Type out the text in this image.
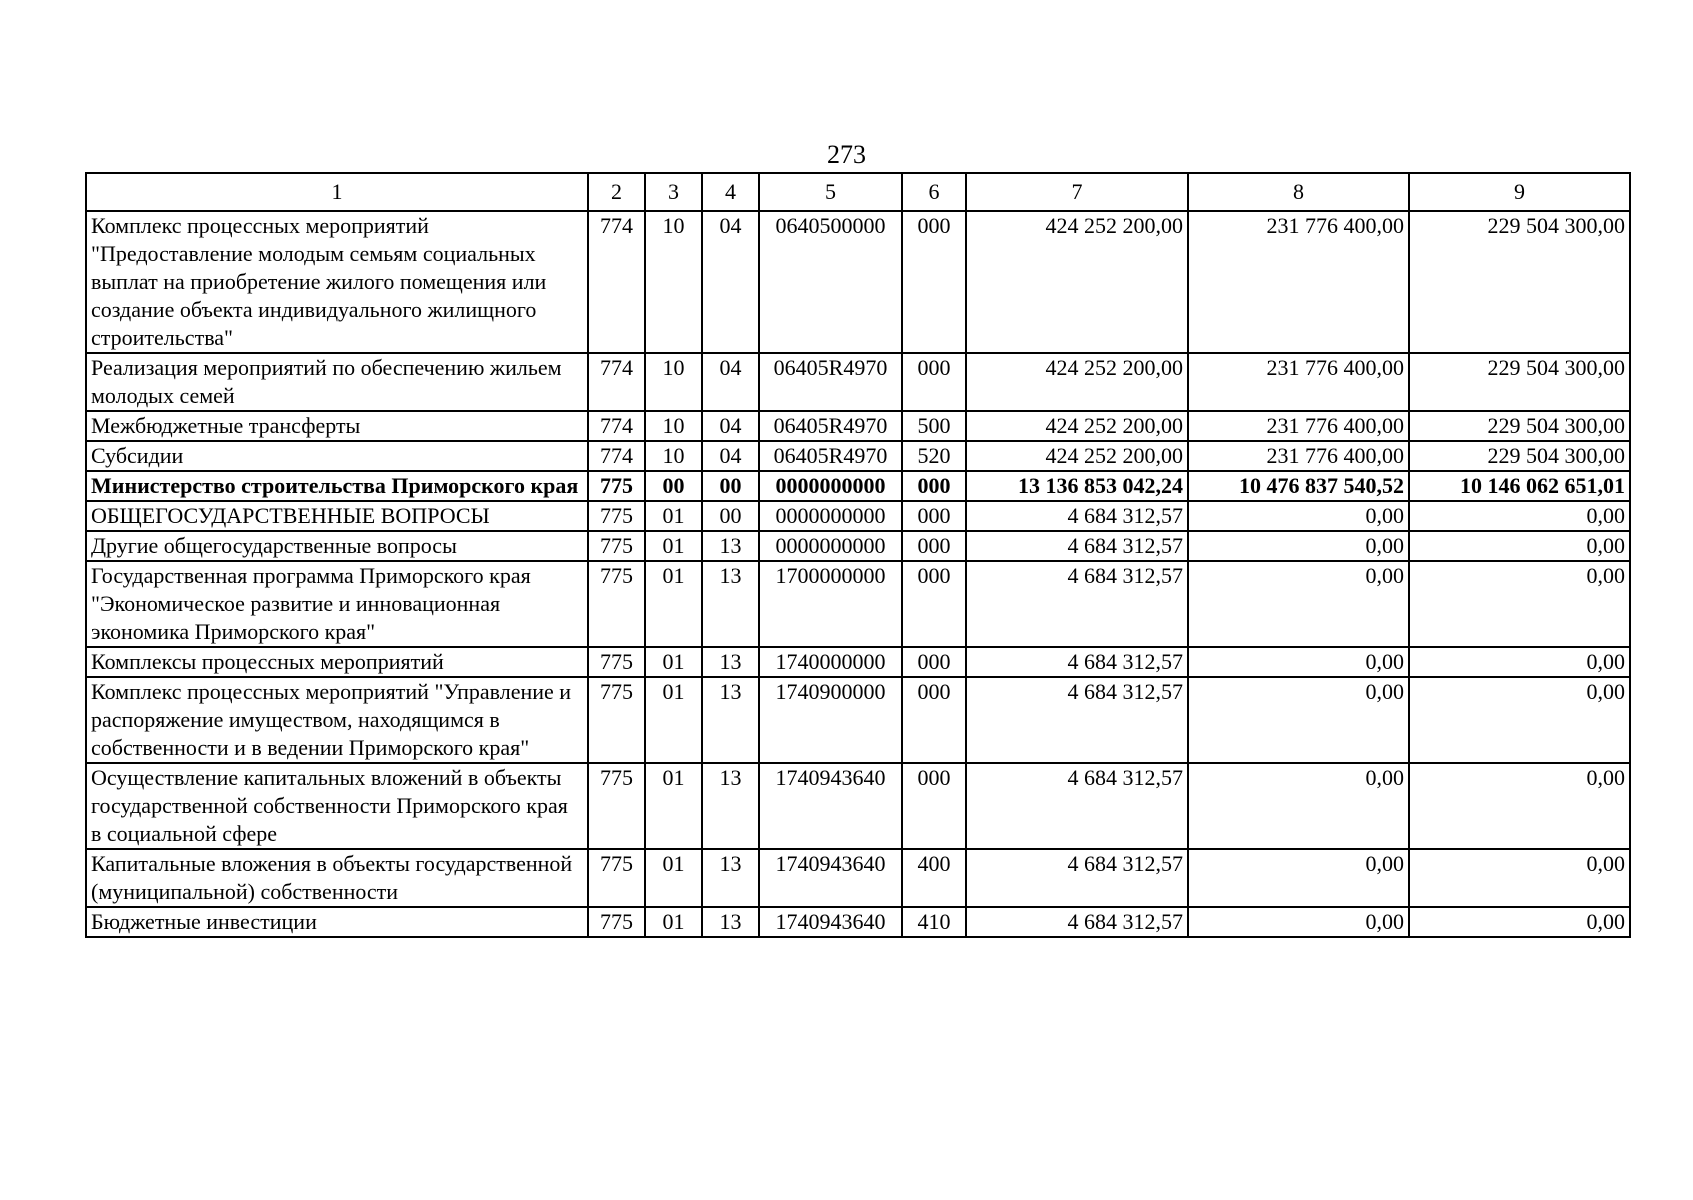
273
1	2	3	4	5	6	7	8	9
Комплекс процессных мероприятий "Предоставление молодым семьям социальных выплат на приобретение жилого помещения или создание объекта индивидуального жилищного строительства"	774	10	04	0640500000	000	424 252 200,00	231 776 400,00	229 504 300,00
Реализация мероприятий по обеспечению жильем молодых семей	774	10	04	06405R4970	000	424 252 200,00	231 776 400,00	229 504 300,00
Межбюджетные трансферты	774	10	04	06405R4970	500	424 252 200,00	231 776 400,00	229 504 300,00
Субсидии	774	10	04	06405R4970	520	424 252 200,00	231 776 400,00	229 504 300,00
Министерство строительства Приморского края	775	00	00	0000000000	000	13 136 853 042,24	10 476 837 540,52	10 146 062 651,01
ОБЩЕГОСУДАРСТВЕННЫЕ ВОПРОСЫ	775	01	00	0000000000	000	4 684 312,57	0,00	0,00
Другие общегосударственные вопросы	775	01	13	0000000000	000	4 684 312,57	0,00	0,00
Государственная программа Приморского края "Экономическое развитие и инновационная экономика Приморского края"	775	01	13	1700000000	000	4 684 312,57	0,00	0,00
Комплексы процессных мероприятий	775	01	13	1740000000	000	4 684 312,57	0,00	0,00
Комплекс процессных мероприятий "Управление и распоряжение имуществом, находящимся в собственности и в ведении Приморского края"	775	01	13	1740900000	000	4 684 312,57	0,00	0,00
Осуществление капитальных вложений в объекты государственной собственности Приморского края в социальной сфере	775	01	13	1740943640	000	4 684 312,57	0,00	0,00
Капитальные вложения в объекты государственной (муниципальной) собственности	775	01	13	1740943640	400	4 684 312,57	0,00	0,00
Бюджетные инвестиции	775	01	13	1740943640	410	4 684 312,57	0,00	0,00
